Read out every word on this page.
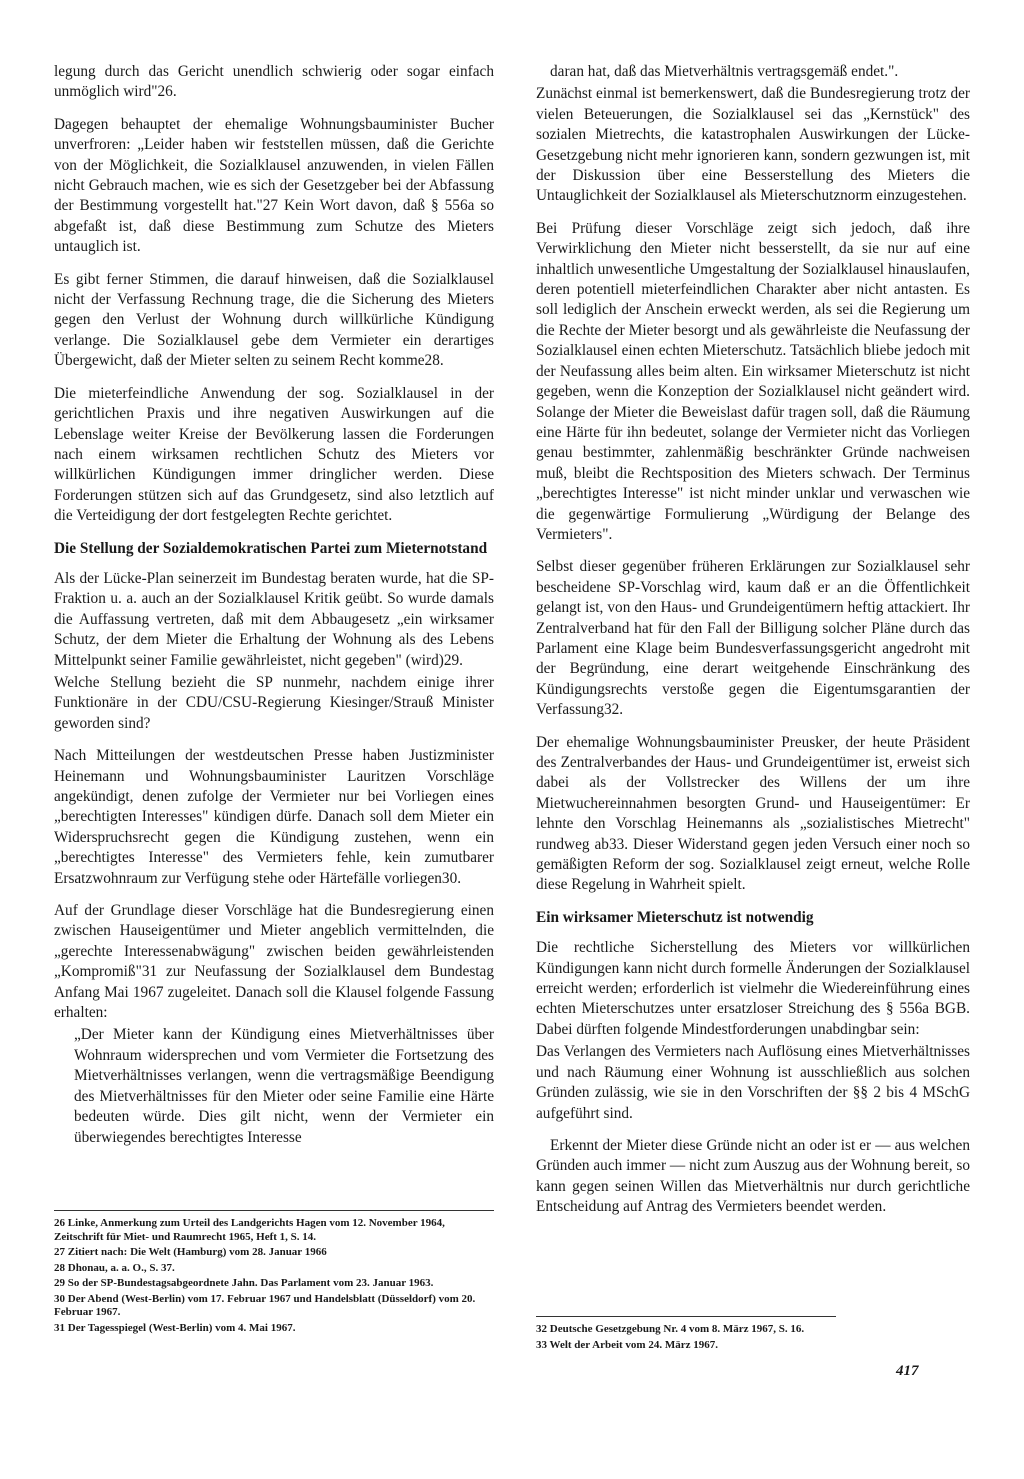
legung durch das Gericht unendlich schwierig oder sogar einfach unmöglich wird"26.

Dagegen behauptet der ehemalige Wohnungsbauminister Bucher unverfroren: „Leider haben wir feststellen müssen, daß die Gerichte von der Möglichkeit, die Sozialklausel anzuwenden, in vielen Fällen nicht Gebrauch machen, wie es sich der Gesetzgeber bei der Abfassung der Bestimmung vorgestellt hat."27 Kein Wort davon, daß § 556a so abgefaßt ist, daß diese Bestimmung zum Schutze des Mieters untauglich ist.

Es gibt ferner Stimmen, die darauf hinweisen, daß die Sozialklausel nicht der Verfassung Rechnung trage, die die Sicherung des Mieters gegen den Verlust der Wohnung durch willkürliche Kündigung verlange. Die Sozialklausel gebe dem Vermieter ein derartiges Übergewicht, daß der Mieter selten zu seinem Recht komme28.

Die mieterfeindliche Anwendung der sog. Sozialklausel in der gerichtlichen Praxis und ihre negativen Auswirkungen auf die Lebenslage weiter Kreise der Bevölkerung lassen die Forderungen nach einem wirksamen rechtlichen Schutz des Mieters vor willkürlichen Kündigungen immer dringlicher werden. Diese Forderungen stützen sich auf das Grundgesetz, sind also letztlich auf die Verteidigung der dort festgelegten Rechte gerichtet.

Die Stellung der Sozialdemokratischen Partei zum Mieternotstand

Als der Lücke-Plan seinerzeit im Bundestag beraten wurde, hat die SP-Fraktion u. a. auch an der Sozialklausel Kritik geübt. So wurde damals die Auffassung vertreten, daß mit dem Abbaugesetz „ein wirksamer Schutz, der dem Mieter die Erhaltung der Wohnung als des Lebens Mittelpunkt seiner Familie gewährleistet, nicht gegeben" (wird)29.

Welche Stellung bezieht die SP nunmehr, nachdem einige ihrer Funktionäre in der CDU/CSU-Regierung Kiesinger/Strauß Minister geworden sind?

Nach Mitteilungen der westdeutschen Presse haben Justizminister Heinemann und Wohnungsbauminister Lauritzen Vorschläge angekündigt, denen zufolge der Vermieter nur bei Vorliegen eines „berechtigten Interesses" kündigen dürfe. Danach soll dem Mieter ein Widerspruchsrecht gegen die Kündigung zustehen, wenn ein „berechtigtes Interesse" des Vermieters fehle, kein zumutbarer Ersatzwohnraum zur Verfügung stehe oder Härtefälle vorliegen30.

Auf der Grundlage dieser Vorschläge hat die Bundesregierung einen zwischen Hauseigentümer und Mieter angeblich vermittelnden, die „gerechte Interessenabwägung" zwischen beiden gewährleistenden „Kompromiß"31 zur Neufassung der Sozialklausel dem Bundestag Anfang Mai 1967 zugeleitet. Danach soll die Klausel folgende Fassung erhalten:

„Der Mieter kann der Kündigung eines Mietverhältnisses über Wohnraum widersprechen und vom Vermieter die Fortsetzung des Mietverhältnisses verlangen, wenn die vertragsmäßige Beendigung des Mietverhältnisses für den Mieter oder seine Familie eine Härte bedeuten würde. Dies gilt nicht, wenn der Vermieter ein überwiegendes berechtigtes Interesse

daran hat, daß das Mietverhältnis vertragsgemäß endet.".

Zunächst einmal ist bemerkenswert, daß die Bundesregierung trotz der vielen Beteuerungen, die Sozialklausel sei das „Kernstück" des sozialen Mietrechts, die katastrophalen Auswirkungen der Lücke-Gesetzgebung nicht mehr ignorieren kann, sondern gezwungen ist, mit der Diskussion über eine Besserstellung des Mieters die Untauglichkeit der Sozialklausel als Mieterschutznorm einzugestehen.

Bei Prüfung dieser Vorschläge zeigt sich jedoch, daß ihre Verwirklichung den Mieter nicht besserstellt, da sie nur auf eine inhaltlich unwesentliche Umgestaltung der Sozialklausel hinauslaufen, deren potentiell mieterfeindlichen Charakter aber nicht antasten. Es soll lediglich der Anschein erweckt werden, als sei die Regierung um die Rechte der Mieter besorgt und als gewährleiste die Neufassung der Sozialklausel einen echten Mieterschutz. Tatsächlich bliebe jedoch mit der Neufassung alles beim alten. Ein wirksamer Mieterschutz ist nicht gegeben, wenn die Konzeption der Sozialklausel nicht geändert wird. Solange der Mieter die Beweislast dafür tragen soll, daß die Räumung eine Härte für ihn bedeutet, solange der Vermieter nicht das Vorliegen genau bestimmter, zahlenmäßig beschränkter Gründe nachweisen muß, bleibt die Rechtsposition des Mieters schwach. Der Terminus „berechtigtes Interesse" ist nicht minder unklar und verwaschen wie die gegenwärtige Formulierung „Würdigung der Belange des Vermieters".

Selbst dieser gegenüber früheren Erklärungen zur Sozialklausel sehr bescheidene SP-Vorschlag wird, kaum daß er an die Öffentlichkeit gelangt ist, von den Haus- und Grundeigentümern heftig attackiert. Ihr Zentralverband hat für den Fall der Billigung solcher Pläne durch das Parlament eine Klage beim Bundesverfassungsgericht angedroht mit der Begründung, eine derart weitgehende Einschränkung des Kündigungsrechts verstoße gegen die Eigentumsgarantien der Verfassung32.

Der ehemalige Wohnungsbauminister Preusker, der heute Präsident des Zentralverbandes der Haus- und Grundeigentümer ist, erweist sich dabei als der Vollstrecker des Willens der um ihre Mietwuchereinnahmen besorgten Grund- und Hauseigentümer: Er lehnte den Vorschlag Heinemanns als „sozialistisches Mietrecht" rundweg ab33. Dieser Widerstand gegen jeden Versuch einer noch so gemäßigten Reform der sog. Sozialklausel zeigt erneut, welche Rolle diese Regelung in Wahrheit spielt.

Ein wirksamer Mieterschutz ist notwendig

Die rechtliche Sicherstellung des Mieters vor willkürlichen Kündigungen kann nicht durch formelle Änderungen der Sozialklausel erreicht werden; erforderlich ist vielmehr die Wiedereinführung eines echten Mieterschutzes unter ersatzloser Streichung des § 556a BGB. Dabei dürften folgende Mindestforderungen unabdingbar sein:

Das Verlangen des Vermieters nach Auflösung eines Mietverhältnisses und nach Räumung einer Wohnung ist ausschließlich aus solchen Gründen zulässig, wie sie in den Vorschriften der §§ 2 bis 4 MSchG aufgeführt sind.

Erkennt der Mieter diese Gründe nicht an oder ist er — aus welchen Gründen auch immer — nicht zum Auszug aus der Wohnung bereit, so kann gegen seinen Willen das Mietverhältnis nur durch gerichtliche Entscheidung auf Antrag des Vermieters beendet werden.

26 Linke, Anmerkung zum Urteil des Landgerichts Hagen vom 12. November 1964, Zeitschrift für Miet- und Raumrecht 1965, Heft 1, S. 14.
27 Zitiert nach: Die Welt (Hamburg) vom 28. Januar 1966
28 Dhonau, a. a. O., S. 37.
29 So der SP-Bundestagsabgeordnete Jahn. Das Parlament vom 23. Januar 1963.
30 Der Abend (West-Berlin) vom 17. Februar 1967 und Handelsblatt (Düsseldorf) vom 20. Februar 1967.
31 Der Tagesspiegel (West-Berlin) vom 4. Mai 1967.	32 Deutsche Gesetzgebung Nr. 4 vom 8. März 1967, S. 16.
33 Welt der Arbeit vom 24. März 1967.
417
